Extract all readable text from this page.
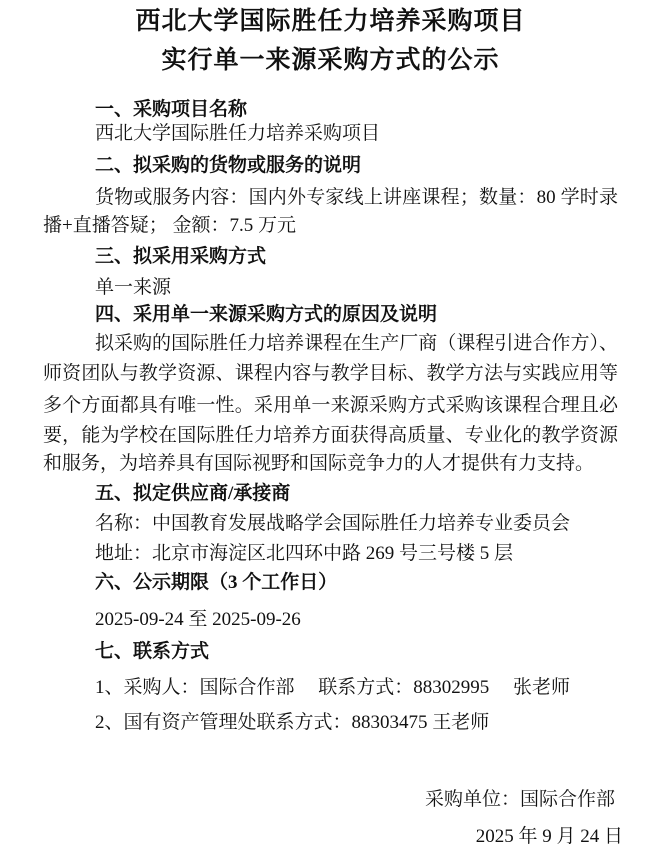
西北大学国际胜任力培养采购项目
实行单一来源采购方式的公示
一、采购项目名称
西北大学国际胜任力培养采购项目
二、拟采购的货物或服务的说明
货物或服务内容：国内外专家线上讲座课程；数量：80 学时录
播+直播答疑； 金额：7.5 万元
三、拟采用采购方式
单一来源
四、采用单一来源采购方式的原因及说明
拟采购的国际胜任力培养课程在生产厂商（课程引进合作方）、
师资团队与教学资源、课程内容与教学目标、教学方法与实践应用等
多个方面都具有唯一性。采用单一来源采购方式采购该课程合理且必
要，能为学校在国际胜任力培养方面获得高质量、专业化的教学资源
和服务，为培养具有国际视野和国际竞争力的人才提供有力支持。
五、拟定供应商/承接商
名称：中国教育发展战略学会国际胜任力培养专业委员会
地址：北京市海淀区北四环中路 269 号三号楼 5 层
六、公示期限（3 个工作日）
2025-09-24 至 2025-09-26
七、联系方式
1、采购人：国际合作部　 联系方式：88302995　 张老师
2、国有资产管理处联系方式：88303475 王老师
采购单位：国际合作部
2025 年 9 月 24 日
